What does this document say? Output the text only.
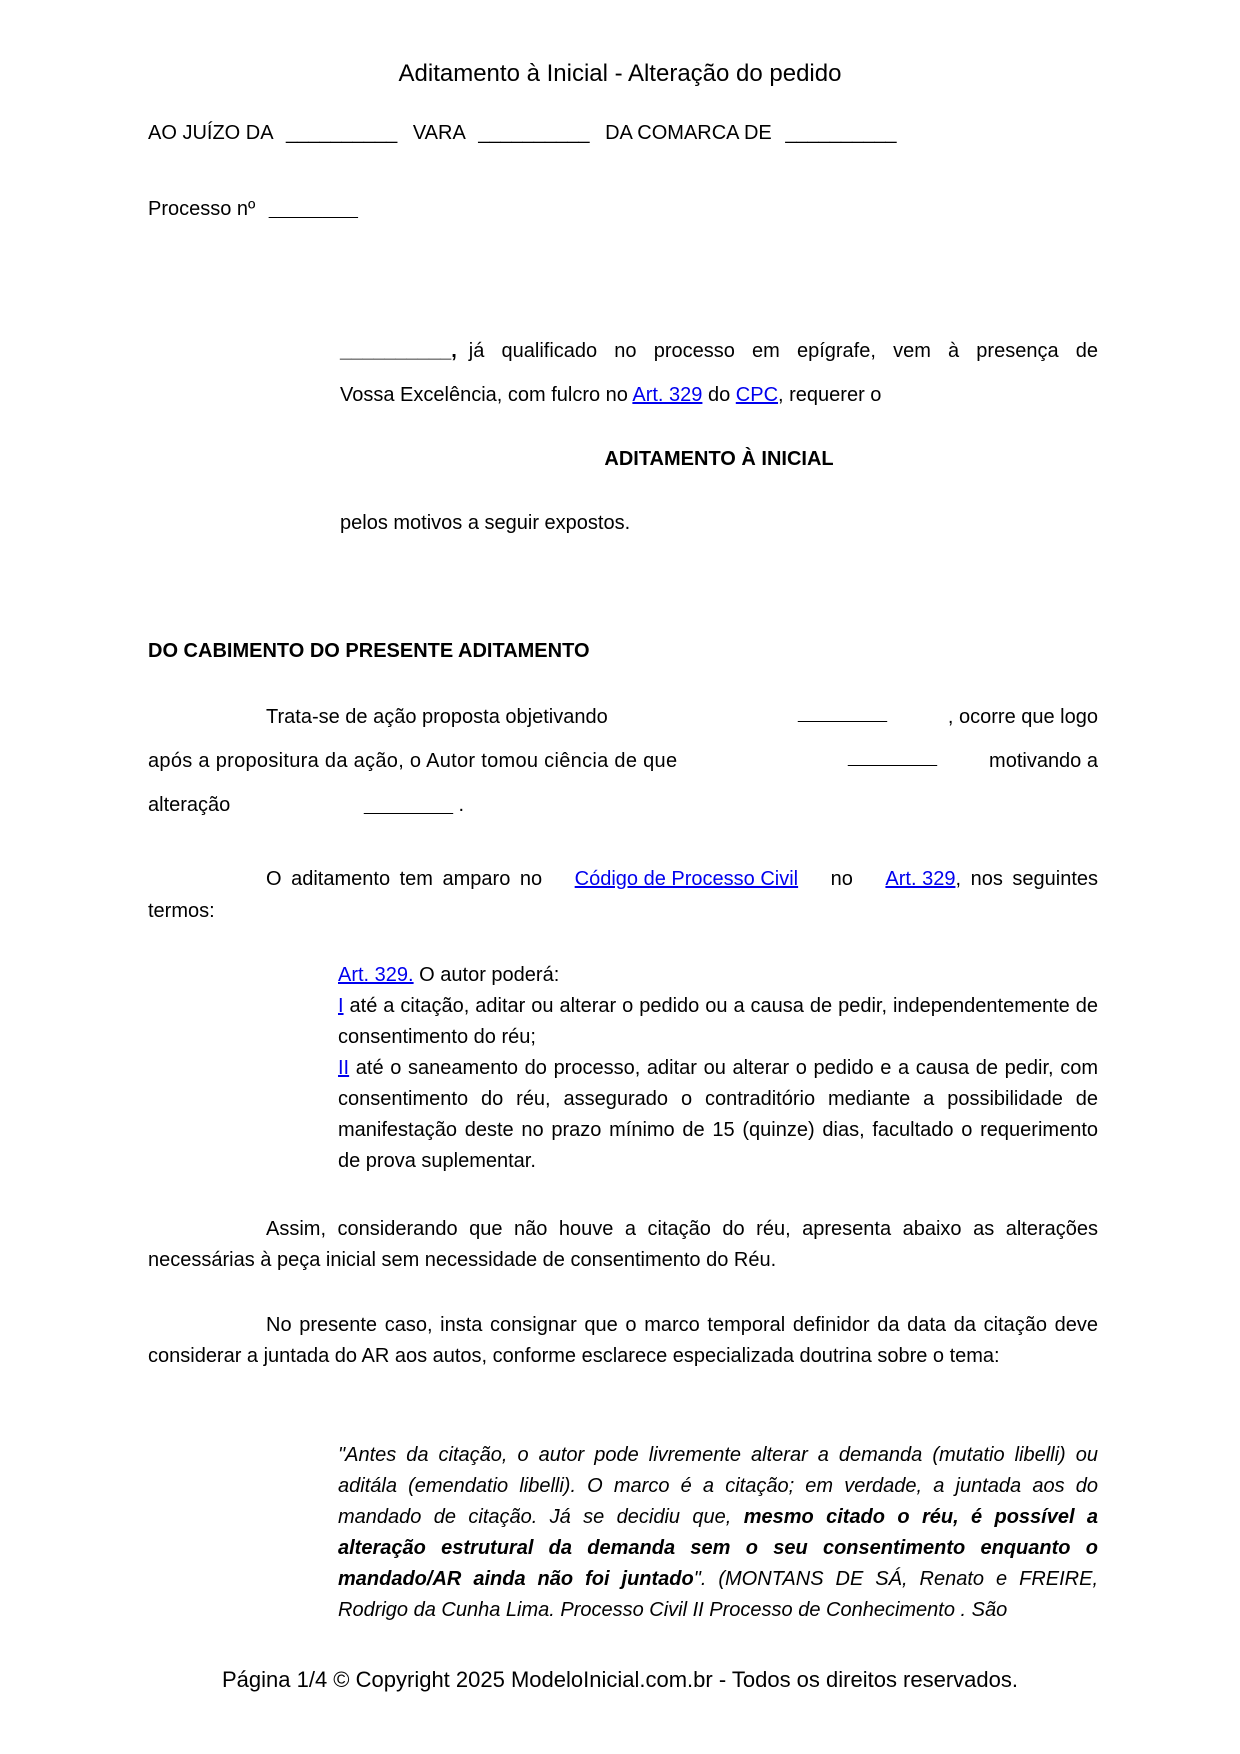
Aditamento à Inicial - Alteração do pedido
AO JUÍZO DA __________ VARA __________ DA COMARCA DE __________
Processo nº __________
__________, já qualificado no processo em epígrafe, vem à presença de
Vossa Excelência, com fulcro no Art. 329 do CPC, requerer o
ADITAMENTO À INICIAL
pelos motivos a seguir expostos.
DO CABIMENTO DO PRESENTE ADITAMENTO
Trata-se de ação proposta objetivando	__________	, ocorre que logo
após a propositura da ação, o Autor tomou ciência de que	__________	motivando a
alteração	__________ .
O aditamento tem amparo no Código de Processo Civil no Art. 329, nos seguintes
termos:
Art. 329. O autor poderá:
I até a citação, aditar ou alterar o pedido ou a causa de pedir, independentemente de consentimento do réu;
II até o saneamento do processo, aditar ou alterar o pedido e a causa de pedir, com consentimento do réu, assegurado o contraditório mediante a possibilidade de manifestação deste no prazo mínimo de 15 (quinze) dias, facultado o requerimento de prova suplementar.
Assim, considerando que não houve a citação do réu, apresenta abaixo as alterações necessárias à peça inicial sem necessidade de consentimento do Réu.
No presente caso, insta consignar que o marco temporal definidor da data da citação deve considerar a juntada do AR aos autos, conforme esclarece especializada doutrina sobre o tema:
"Antes da citação, o autor pode livremente alterar a demanda (mutatio libelli) ou aditála (emendatio libelli). O marco é a citação; em verdade, a juntada aos do mandado de citação. Já se decidiu que, mesmo citado o réu, é possível a alteração estrutural da demanda sem o seu consentimento enquanto o mandado/AR ainda não foi juntado". (MONTANS DE SÁ, Renato e FREIRE, Rodrigo da Cunha Lima. Processo Civil II Processo de Conhecimento . São
Página 1/4 © Copyright 2025 ModeloInicial.com.br - Todos os direitos reservados.
